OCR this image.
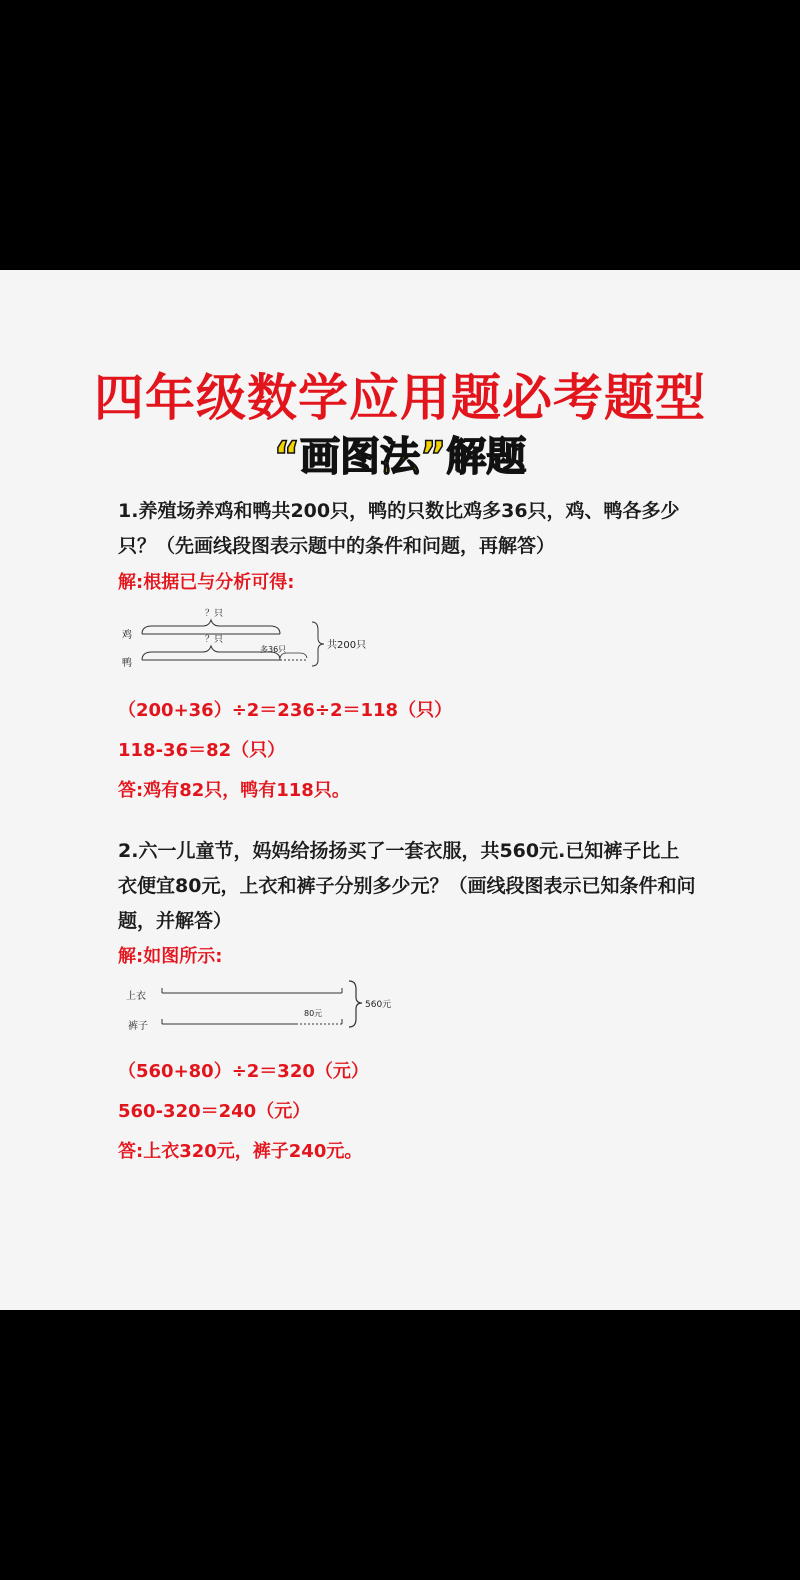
四年级数学应用题必考题型
“画图法”解题
1.养殖场养鸡和鸭共200只，鸭的只数比鸡多36只，鸡、鸭各多少只？（先画线段图表示题中的条件和问题，再解答）
解:根据已与分析可得:
鸡
鸭
？只
？只
多36只	共200只
（200+36）÷2＝236÷2＝118（只）
118-36＝82（只）
答:鸡有82只，鸭有118只。
2.六一儿童节，妈妈给扬扬买了一套衣服，共560元.已知裤子比上衣便宜80元，上衣和裤子分别多少元？（画线段图表示已知条件和问题，并解答）
解:如图所示:
上衣
裤子
80元
560元
（560+80）÷2＝320（元）
560-320＝240（元）
答:上衣320元，裤子240元。
